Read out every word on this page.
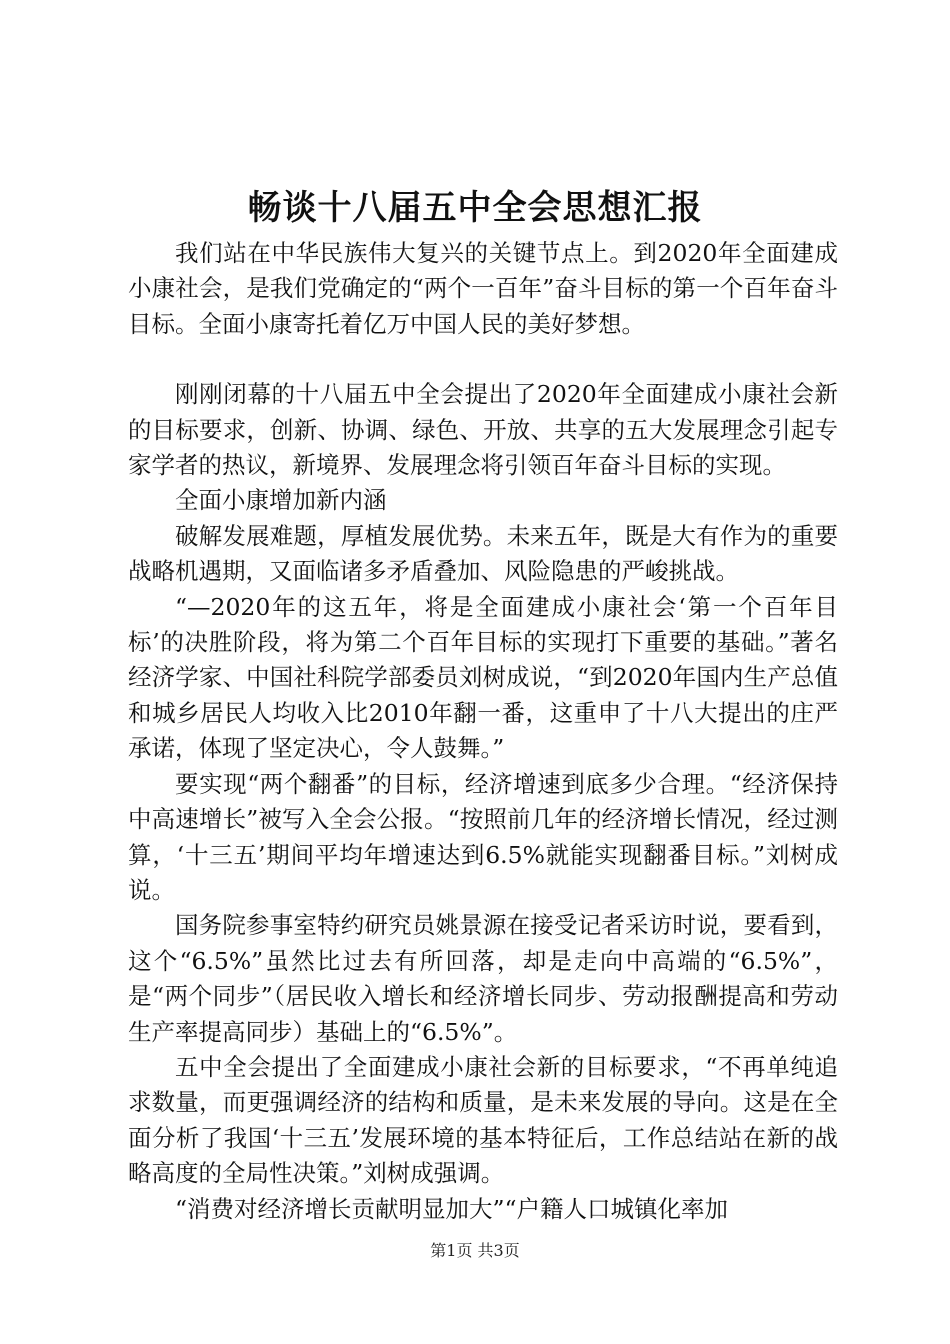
畅谈十八届五中全会思想汇报

我们站在中华民族伟大复兴的关键节点上。到2020年全面建成小康社会，是我们党确定的“两个一百年”奋斗目标的第一个百年奋斗目标。全面小康寄托着亿万中国人民的美好梦想。

刚刚闭幕的十八届五中全会提出了2020年全面建成小康社会新的目标要求，创新、协调、绿色、开放、共享的五大发展理念引起专家学者的热议，新境界、发展理念将引领百年奋斗目标的实现。

全面小康增加新内涵

破解发展难题，厚植发展优势。未来五年，既是大有作为的重要战略机遇期，又面临诸多矛盾叠加、风险隐患的严峻挑战。

“—2020年的这五年，将是全面建成小康社会‘第一个百年目标’的决胜阶段，将为第二个百年目标的实现打下重要的基础。”著名经济学家、中国社科院学部委员刘树成说，“到2020年国内生产总值和城乡居民人均收入比2010年翻一番，这重申了十八大提出的庄严承诺，体现了坚定决心，令人鼓舞。”

要实现“两个翻番”的目标，经济增速到底多少合理。“经济保持中高速增长”被写入全会公报。“按照前几年的经济增长情况，经过测算，‘十三五’期间平均年增速达到6.5%就能实现翻番目标。”刘树成说。

国务院参事室特约研究员姚景源在接受记者采访时说，要看到，这个“6.5%”虽然比过去有所回落，却是走向中高端的“6.5%”，是“两个同步”（居民收入增长和经济增长同步、劳动报酬提高和劳动生产率提高同步）基础上的“6.5%”。

五中全会提出了全面建成小康社会新的目标要求，“不再单纯追求数量，而更强调经济的结构和质量，是未来发展的导向。这是在全面分析了我国‘十三五’发展环境的基本特征后，工作总结站在新的战略高度的全局性决策。”刘树成强调。

“消费对经济增长贡献明显加大”“户籍人口城镇化率加

第1页 共3页
